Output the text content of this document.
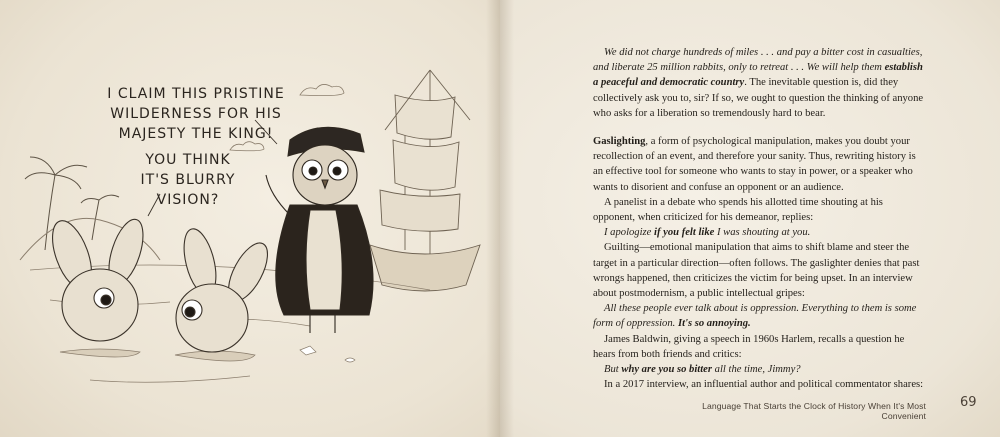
I CLAIM THIS PRISTINE WILDERNESS FOR HIS MAJESTY THE KING!
YOU THINK IT'S BLURRY VISION?

We did not charge hundreds of miles . . . and pay a bitter cost in casualties, and liberate 25 million rabbits, only to retreat . . . We will help them establish a peaceful and democratic country. The inevitable question is, did they collectively ask you to, sir? If so, we ought to question the thinking of anyone who asks for a liberation so tremendously hard to bear.

Gaslighting, a form of psychological manipulation, makes you doubt your recollection of an event, and therefore your sanity. Thus, rewriting history is an effective tool for someone who wants to stay in power, or a speaker who wants to disorient and confuse an opponent or an audience.

A panelist in a debate who spends his allotted time shouting at his opponent, when criticized for his demeanor, replies:

I apologize if you felt like I was shouting at you.

Guilting—emotional manipulation that aims to shift blame and steer the target in a particular direction—often follows. The gaslighter denies that past wrongs happened, then criticizes the victim for being upset. In an interview about postmodernism, a public intellectual gripes:

All these people ever talk about is oppression. Everything to them is some form of oppression. It's so annoying.

James Baldwin, giving a speech in 1960s Harlem, recalls a question he hears from both friends and critics:

But why are you so bitter all the time, Jimmy?

In a 2017 interview, an influential author and political commentator shares:

Language That Starts the Clock of History When It's Most Convenient
69
